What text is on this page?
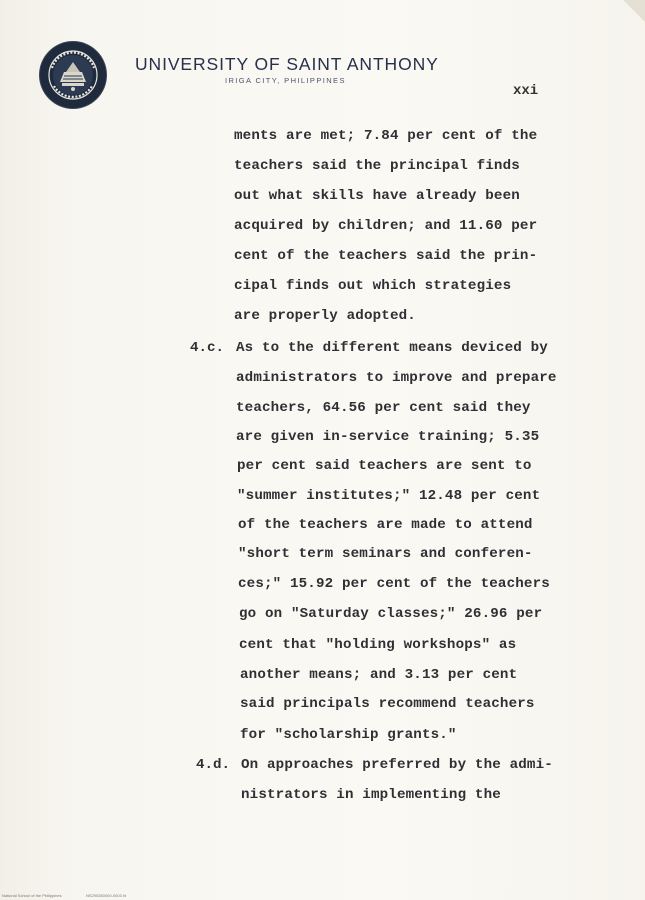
UNIVERSITY OF SAINT ANTHONY
IRIGA CITY, PHILIPPINES
xxi
ments are met; 7.84 per cent of the
teachers said the principal finds
out what skills have already been
acquired by children; and 11.60 per
cent of the teachers said the prin-
cipal finds out which strategies
are properly adopted.
4.c. As to the different means deviced by
administrators to improve and prepare
teachers, 64.56 per cent said they
are given in-service training; 5.35
per cent said teachers are sent to
"summer institutes;" 12.48 per cent
of the teachers are made to attend
"short term seminars and conferen-
ces;" 15.92 per cent of the teachers
go on "Saturday classes;" 26.96 per
cent that "holding workshops" as
another means; and 3.13 per cent
said principals recommend teachers
for "scholarship grants."
4.d. On approaches preferred by the admi-
nistrators in implementing the
National School of the Philippines	NS290350000-0003 lit
